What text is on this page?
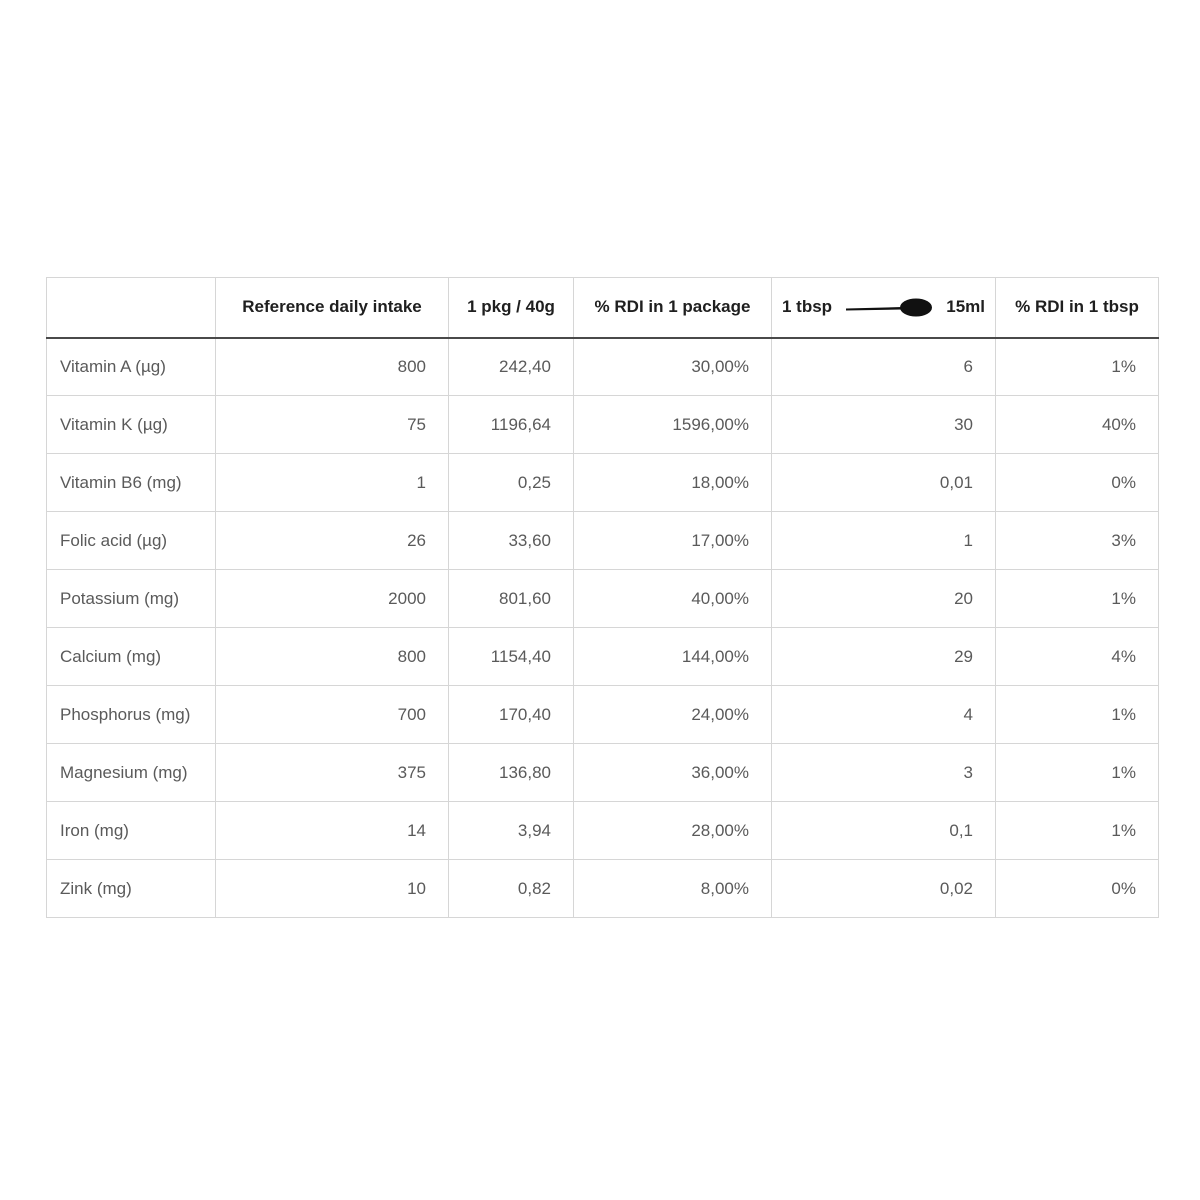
	Reference daily intake	1 pkg / 40g	% RDI in 1 package	1 tbsp 15ml	% RDI in 1 tbsp
Vitamin A (µg)	800	242,40	30,00%	6	1%
Vitamin K (µg)	75	1196,64	1596,00%	30	40%
Vitamin B6 (mg)	1	0,25	18,00%	0,01	0%
Folic acid (µg)	26	33,60	17,00%	1	3%
Potassium (mg)	2000	801,60	40,00%	20	1%
Calcium (mg)	800	1154,40	144,00%	29	4%
Phosphorus (mg)	700	170,40	24,00%	4	1%
Magnesium (mg)	375	136,80	36,00%	3	1%
Iron (mg)	14	3,94	28,00%	0,1	1%
Zink (mg)	10	0,82	8,00%	0,02	0%
